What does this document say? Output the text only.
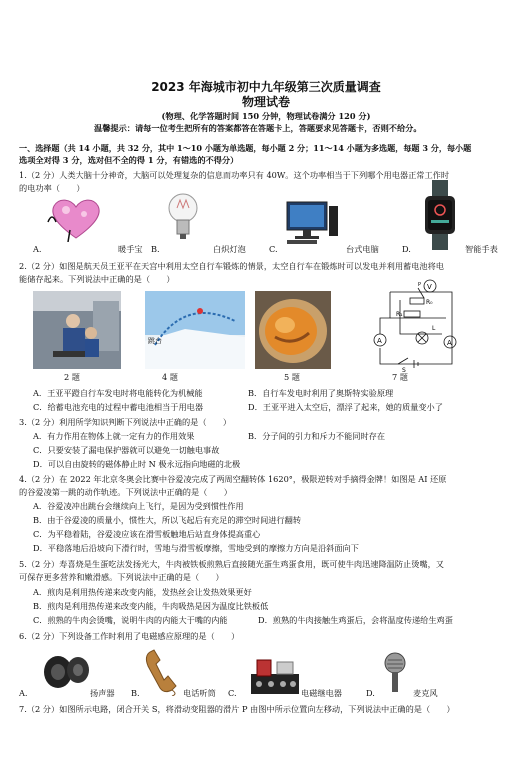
2023 年海城市初中九年级第三次质量调查
物理试卷
(物理、化学答题时间 150 分钟，物理试卷满分 120 分)
温馨提示：请每一位考生把所有的答案都答在答题卡上，答题要求见答题卡，否则不给分。
一、选择题（共 14 小题，共 32 分，其中 1～10 小题为单选题，每小题 2 分；11～14 小题为多选题，每题 3 分，每小题
选项全对得 3 分，选对但不全的得 1 分，有错选的不得分）
1.（2 分）人类大脑十分神奇，大脑可以处理复杂的信息而功率只有 40W。这个功率相当于下列哪个用电器正常工作时
的电功率（　　）
A.	暖手宝 B.	白炽灯泡	C.	台式电脑	D.	智能手表
2.（2 分）如图是航天员王亚平在天宫中利用太空自行车锻炼的情景，太空自行车在锻炼时可以发电并利用蓄电池将电
能储存起来。下列说法中正确的是（　　）
跳台
V
A	A
R₀
R₁
L
S
P
2 题	4 题	5 题	7 题
A．王亚平蹬自行车发电时将电能转化为机械能	B．自行车发电时利用了奥斯特实验原理
C．给蓄电池充电的过程中蓄电池相当于用电器	D．王亚平进入太空后，漂浮了起来，她的质量变小了
3.（2 分）利用所学知识判断下列说法中正确的是（　　）
A．有力作用在物体上就一定有力的作用效果	B．分子间的引力和斥力不能同时存在
C．只要安装了漏电保护器就可以避免一切触电事故
D．可以自由旋转的磁体静止时 N 极永远指向地磁的北极
4.（2 分）在 2022 年北京冬奥会比赛中谷爱凌完成了两周空翻转体 1620°，极限逆转对手摘得金牌！如图是 AI 还原
的谷爱凌第一跳的动作轨迹。下列说法中正确的是（　　）
A．谷爱凌冲出跳台会继续向上飞行，是因为受到惯性作用
B．由于谷爱凌的质量小，惯性大，所以飞起后有充足的滞空时间进行翻转
C．为平稳着陆，谷爱凌应该在滑雪板触地后站直身体提高重心
D．平稳落地后沿坡向下滑行时，雪地与滑雪板摩擦，雪地受到的摩擦力方向是沿斜面向下
5.（2 分）寿喜烧是生蛋吃法发扬光大，牛肉被铁板煎熟后直接随光蛋生鸡蛋食用，既可使牛肉迅速降温防止烫嘴，又
可保存更多营养和嫩滑感。下列说法中正确的是（　　）
A．煎肉是利用热传递来改变内能，发热丝会让发热效果更好
B．煎肉是利用热传递来改变内能，牛肉吸热是因为温度比铁板低
C．煎熟的牛肉会烫嘴，说明牛肉的内能大于嘴的内能	D．煎熟的牛肉接触生鸡蛋后，会将温度传递给生鸡蛋
6.（2 分）下列设备工作时利用了电磁感应原理的是（　　）
A.	扬声器 B.	电话听筒 C.	电磁继电器	D.	麦克风
7.（2 分）如图所示电路，闭合开关 S，将滑动变阻器的滑片 P 由图中所示位置向左移动，下列说法中正确的是（　　）
